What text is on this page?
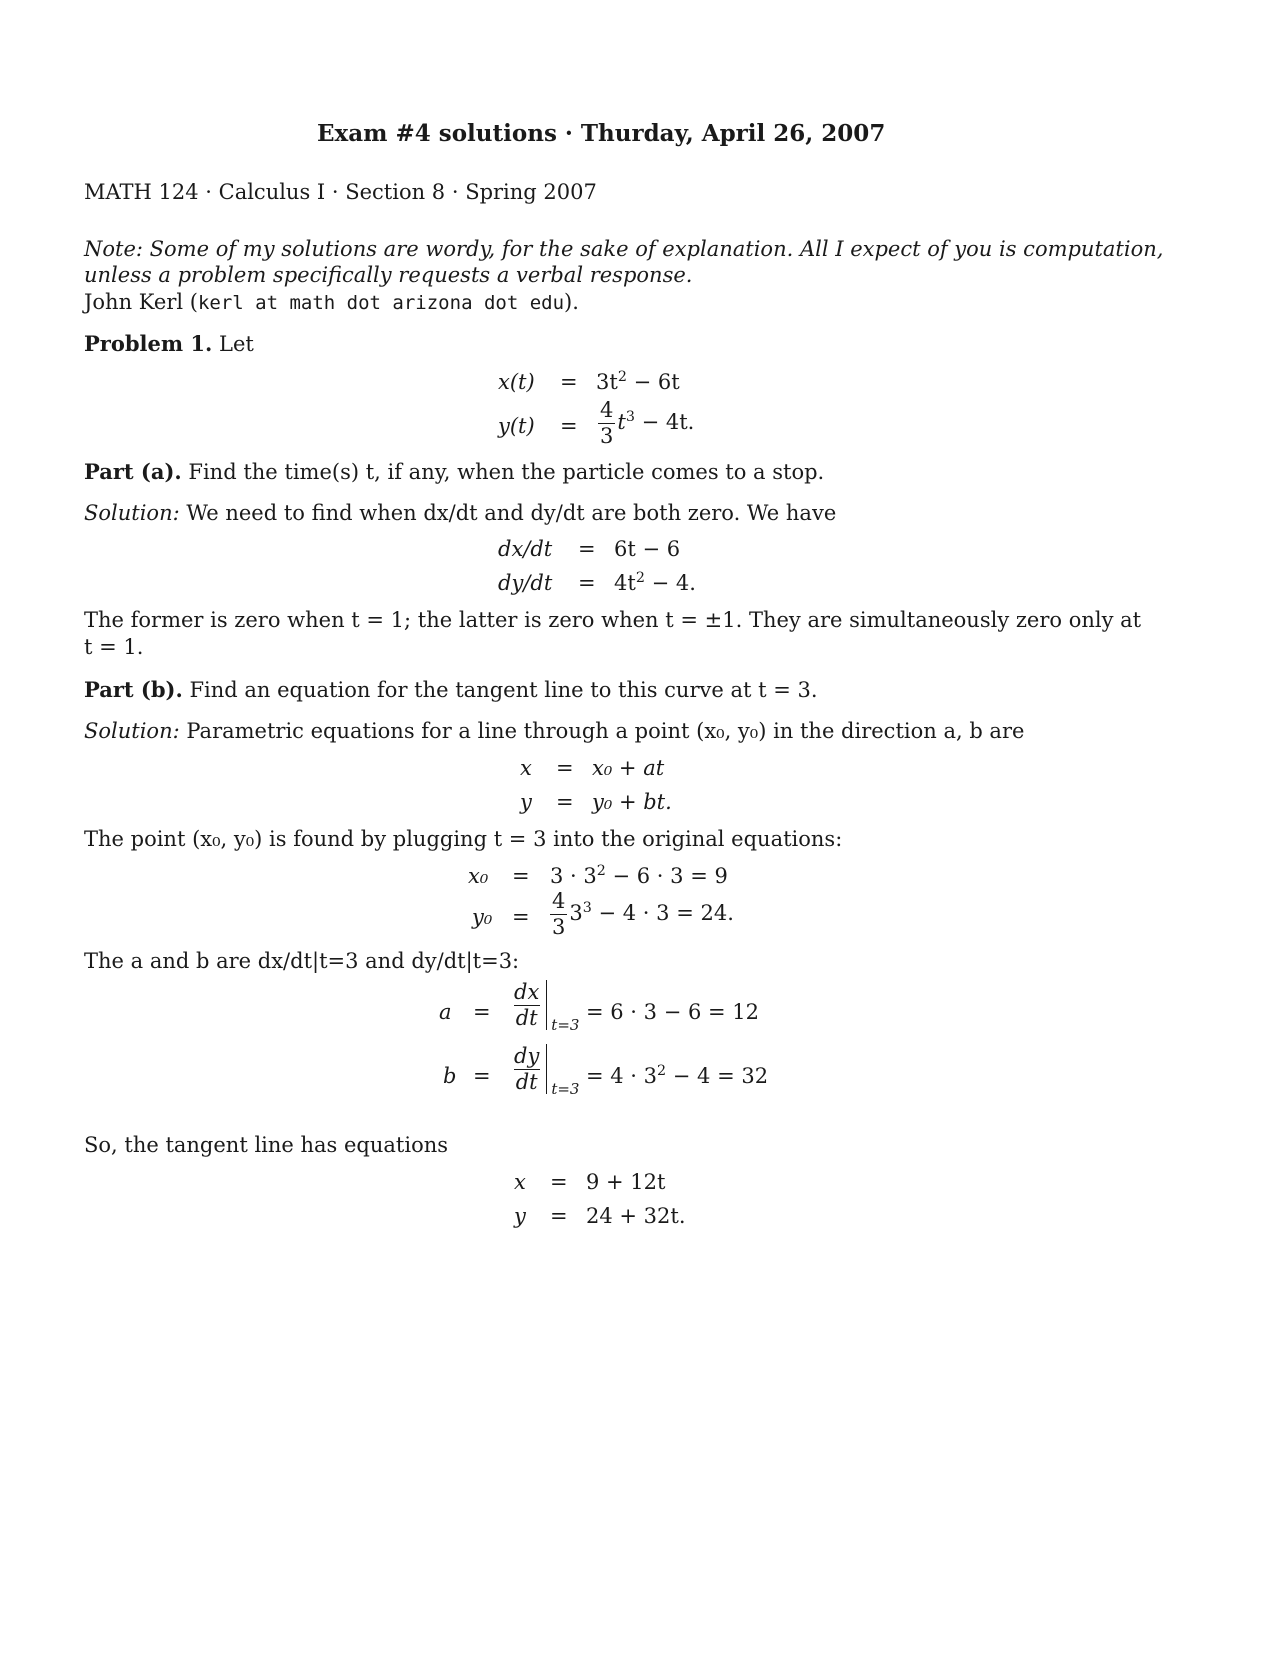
Exam #4 solutions · Thurday, April 26, 2007
MATH 124 · Calculus I · Section 8 · Spring 2007
Note: Some of my solutions are wordy, for the sake of explanation. All I expect of you is computation,
unless a problem specifically requests a verbal response.
John Kerl (kerl at math dot arizona dot edu).
Problem 1. Let
$x(t) = 3t^2 - 6t$
$y(t) = \frac{4}{3} t^3 - 4t$.
Part (a). Find the time(s) t, if any, when the particle comes to a stop.
Solution: We need to find when dx/dt and dy/dt are both zero. We have
dx/dt = 6t − 6
$dy/dt = 4t^2 - 4$.
The former is zero when t = 1; the latter is zero when t = ±1. They are simultaneously zero only at
t = 1.
Part (b). Find an equation for the tangent line to this curve at t = 3.
Solution: Parametric equations for a line through a point (x₀, y₀) in the direction a, b are
x = x₀ + at
y = y₀ + bt.
The point (x₀, y₀) is found by plugging t = 3 into the original equations:
$x_0 = 3 \cdot 3^2 - 6 \cdot 3 = 9$
$y_0 = \frac{4}{3} 3^3 - 4 \cdot 3 = 24$.
The a and b are dx/dt|t=3 and dy/dt|t=3:
$a = \frac{dx}{dt} t=3$
= 6 · 3 − 6 = 12
$b = \frac{dy}{dt} t=3$
= $4 \cdot 3^2 - 4 = 32$
So, the tangent line has equations
x = 9 + 12t
y = 24 + 32t.
